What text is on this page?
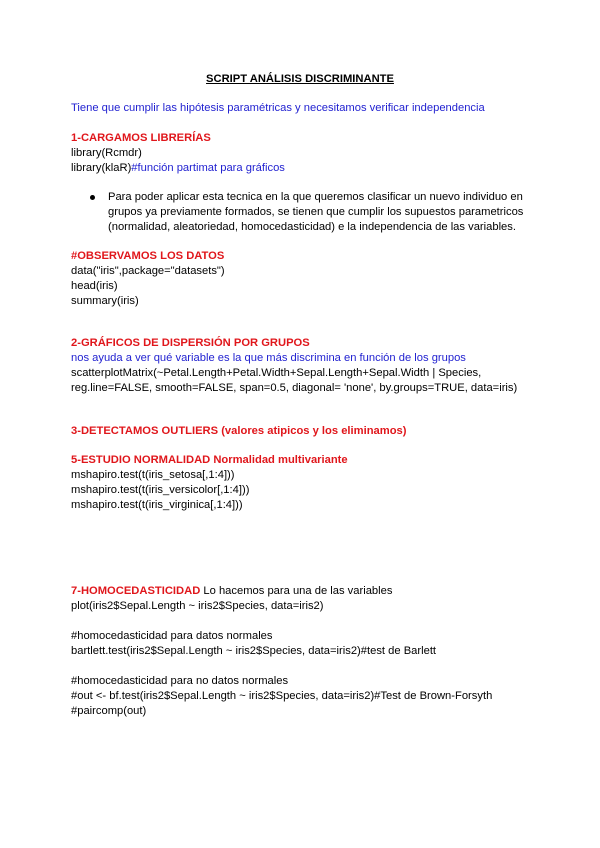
SCRIPT ANÁLISIS DISCRIMINANTE
Tiene que cumplir las hipótesis paramétricas y necesitamos verificar independencia
1-CARGAMOS LIBRERÍAS
library(Rcmdr)
library(klaR)#función partimat para gráficos
Para poder aplicar esta tecnica en la que queremos clasificar un nuevo individuo en
grupos ya previamente formados, se tienen que cumplir los supuestos parametricos
(normalidad, aleatoriedad, homocedasticidad) e la independencia de las variables.
#OBSERVAMOS LOS DATOS
data("iris",package="datasets")
head(iris)
summary(iris)
2-GRÁFICOS DE DISPERSIÓN POR GRUPOS
nos ayuda a ver qué variable es la que más discrimina en función de los grupos
scatterplotMatrix(~Petal.Length+Petal.Width+Sepal.Length+Sepal.Width | Species,
reg.line=FALSE, smooth=FALSE, span=0.5, diagonal= 'none', by.groups=TRUE, data=iris)
3-DETECTAMOS OUTLIERS (valores atipicos y los eliminamos)
5-ESTUDIO NORMALIDAD Normalidad multivariante
mshapiro.test(t(iris_setosa[,1:4]))
mshapiro.test(t(iris_versicolor[,1:4]))
mshapiro.test(t(iris_virginica[,1:4]))
7-HOMOCEDASTICIDAD Lo hacemos para una de las variables
plot(iris2$Sepal.Length ~ iris2$Species, data=iris2)
#homocedasticidad para datos normales
bartlett.test(iris2$Sepal.Length ~ iris2$Species, data=iris2)#test de Barlett
#homocedasticidad para no datos normales
#out <- bf.test(iris2$Sepal.Length ~ iris2$Species, data=iris2)#Test de Brown-Forsyth
#paircomp(out)
